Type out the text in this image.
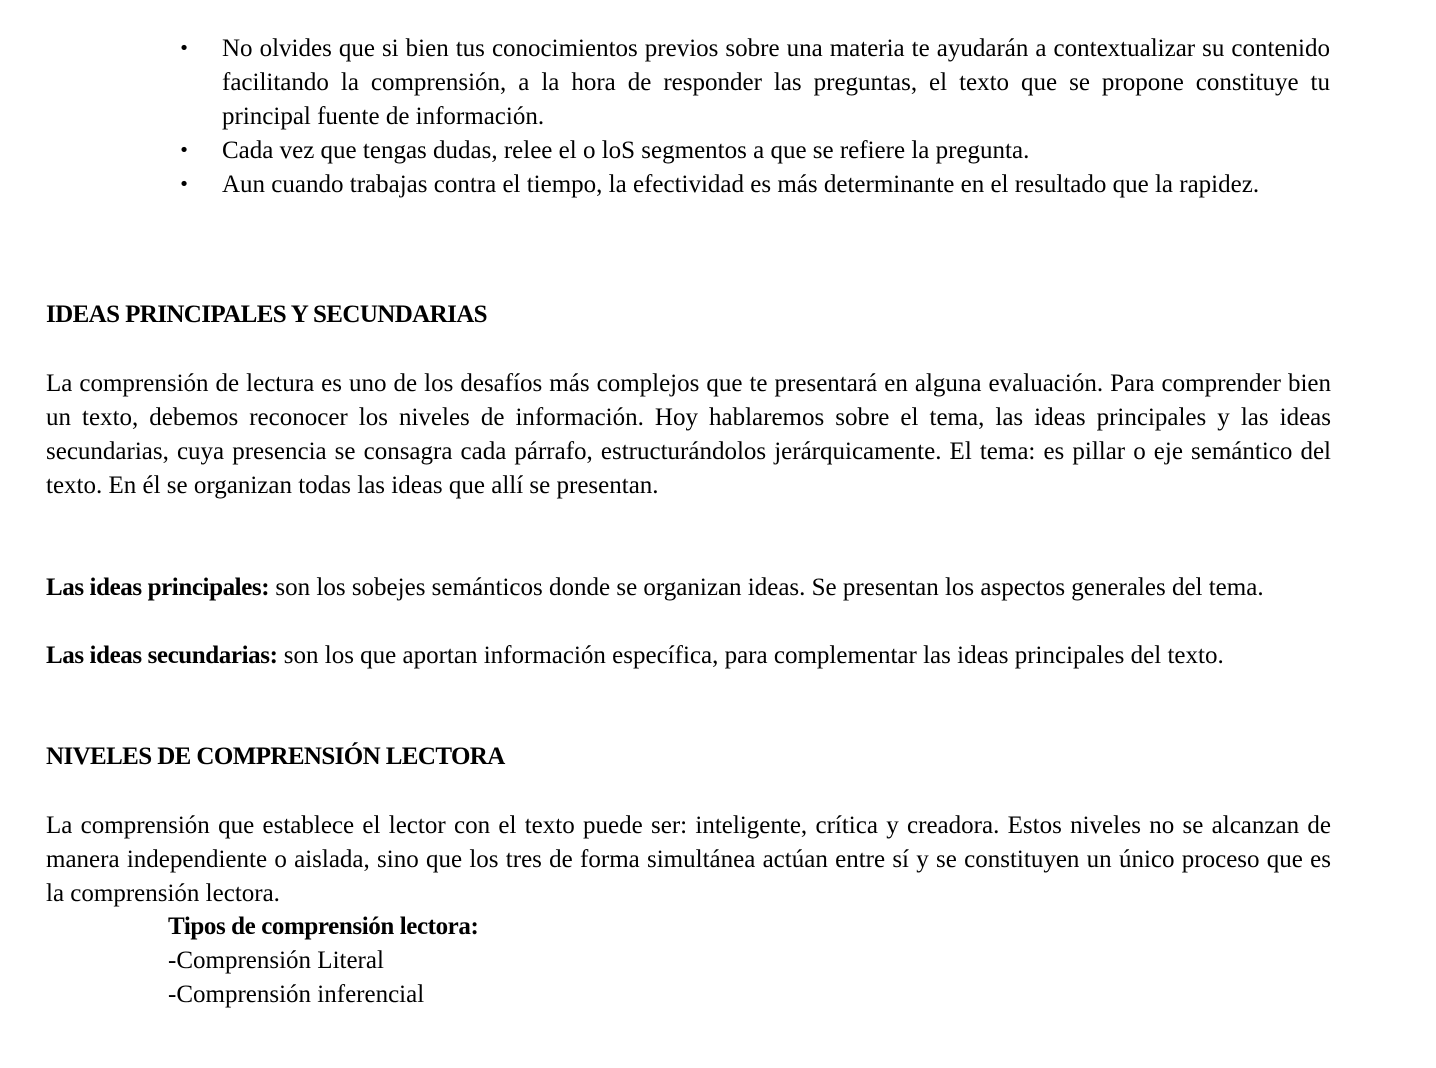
• No olvides que si bien tus conocimientos previos sobre una materia te ayudarán a contextualizar su contenido facilitando la comprensión, a la hora de responder las preguntas, el texto que se propone constituye tu principal fuente de información.
• Cada vez que tengas dudas, relee el o loS segmentos a que se refiere la pregunta.
• Aun cuando trabajas contra el tiempo, la efectividad es más determinante en el resultado que la rapidez.
IDEAS PRINCIPALES Y SECUNDARIAS

La comprensión de lectura es uno de los desafíos más complejos que te presentará en alguna evaluación. Para comprender bien un texto, debemos reconocer los niveles de información. Hoy hablaremos sobre el tema, las ideas principales y las ideas secundarias, cuya presencia se consagra cada párrafo, estructurándolos jerárquicamente. El tema: es pillar o eje semántico del texto. En él se organizan todas las ideas que allí se presentan.

Las ideas principales: son los sobejes semánticos donde se organizan ideas. Se presentan los aspectos generales del tema.

Las ideas secundarias: son los que aportan información específica, para complementar las ideas principales del texto.

NIVELES DE COMPRENSIÓN LECTORA

La comprensión que establece el lector con el texto puede ser: inteligente, crítica y creadora. Estos niveles no se alcanzan de manera independiente o aislada, sino que los tres de forma simultánea actúan entre sí y se constituyen un único proceso que es la comprensión lectora.

Tipos de comprensión lectora:
-Comprensión Literal
-Comprensión inferencial
